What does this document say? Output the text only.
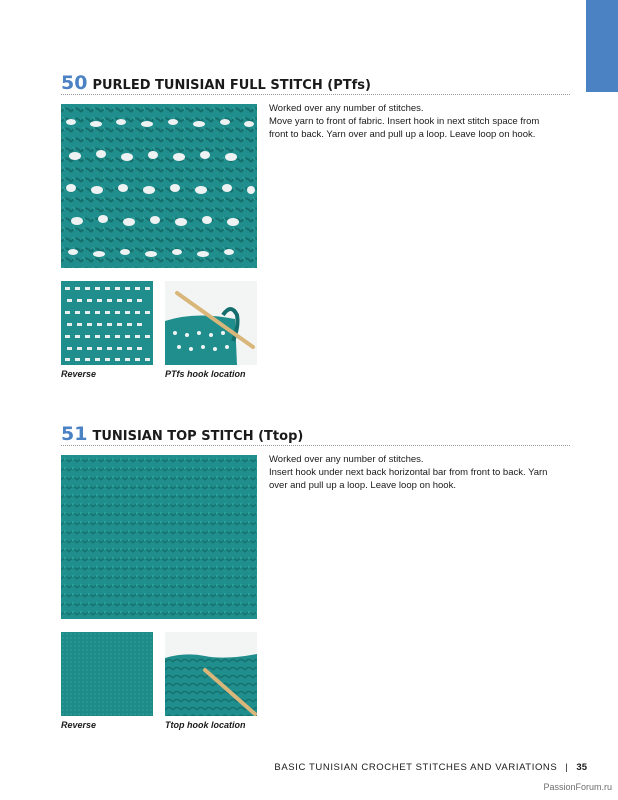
50 PURLED TUNISIAN FULL STITCH (PTfs)

Worked over any number of stitches.

Move yarn to front of fabric. Insert hook in next stitch space from front to back. Yarn over and pull up a loop. Leave loop on hook.

Reverse	PTfs hook location
51 TUNISIAN TOP STITCH (Ttop)

Worked over any number of stitches.

Insert hook under next back horizontal bar from front to back. Yarn over and pull up a loop. Leave loop on hook.

Reverse	Ttop hook location
BASIC TUNISIAN CROCHET STITCHES AND VARIATIONS | 35
PassionForum.ru
